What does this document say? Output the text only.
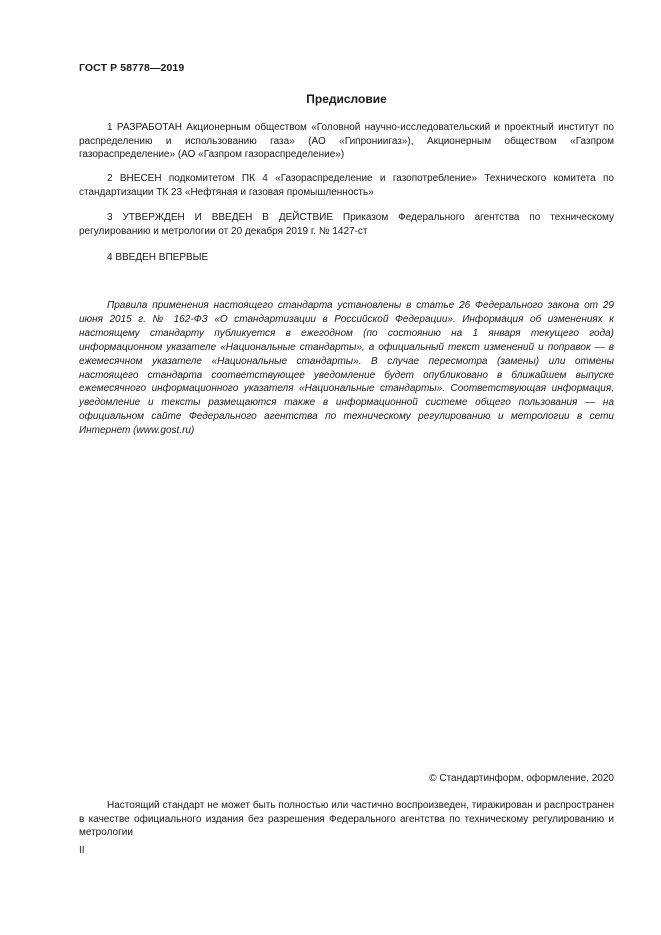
ГОСТ Р 58778—2019
Предисловие

1 РАЗРАБОТАН Акционерным обществом «Головной научно-исследовательский и проектный институт по распределению и использованию газа» (АО «Гипрониигаз»), Акционерным обществом «Газпром газораспределение» (АО «Газпром газораспределение»)

2 ВНЕСЕН подкомитетом ПК 4 «Газораспределение и газопотребление» Технического комитета по стандартизации ТК 23 «Нефтяная и газовая промышленность»

3 УТВЕРЖДЕН И ВВЕДЕН В ДЕЙСТВИЕ Приказом Федерального агентства по техническому регулированию и метрологии от 20 декабря 2019 г. № 1427-ст

4 ВВЕДЕН ВПЕРВЫЕ

Правила применения настоящего стандарта установлены в статье 26 Федерального закона от 29 июня 2015 г. № 162-ФЗ «О стандартизации в Российской Федерации». Информация об изменениях к настоящему стандарту публикуется в ежегодном (по состоянию на 1 января текущего года) информационном указателе «Национальные стандарты», а официальный текст изменений и поправок — в ежемесячном указателе «Национальные стандарты». В случае пересмотра (замены) или отмены настоящего стандарта соответствующее уведомление будет опубликовано в ближайшем выпуске ежемесячного информационного указателя «Национальные стандарты». Соответствующая информация, уведомление и тексты размещаются также в информационной системе общего пользования — на официальном сайте Федерального агентства по техническому регулированию и метрологии в сети Интернет (www.gost.ru)

© Стандартинформ, оформление, 2020

Настоящий стандарт не может быть полностью или частично воспроизведен, тиражирован и распространен в качестве официального издания без разрешения Федерального агентства по техническому регулированию и метрологии

II
